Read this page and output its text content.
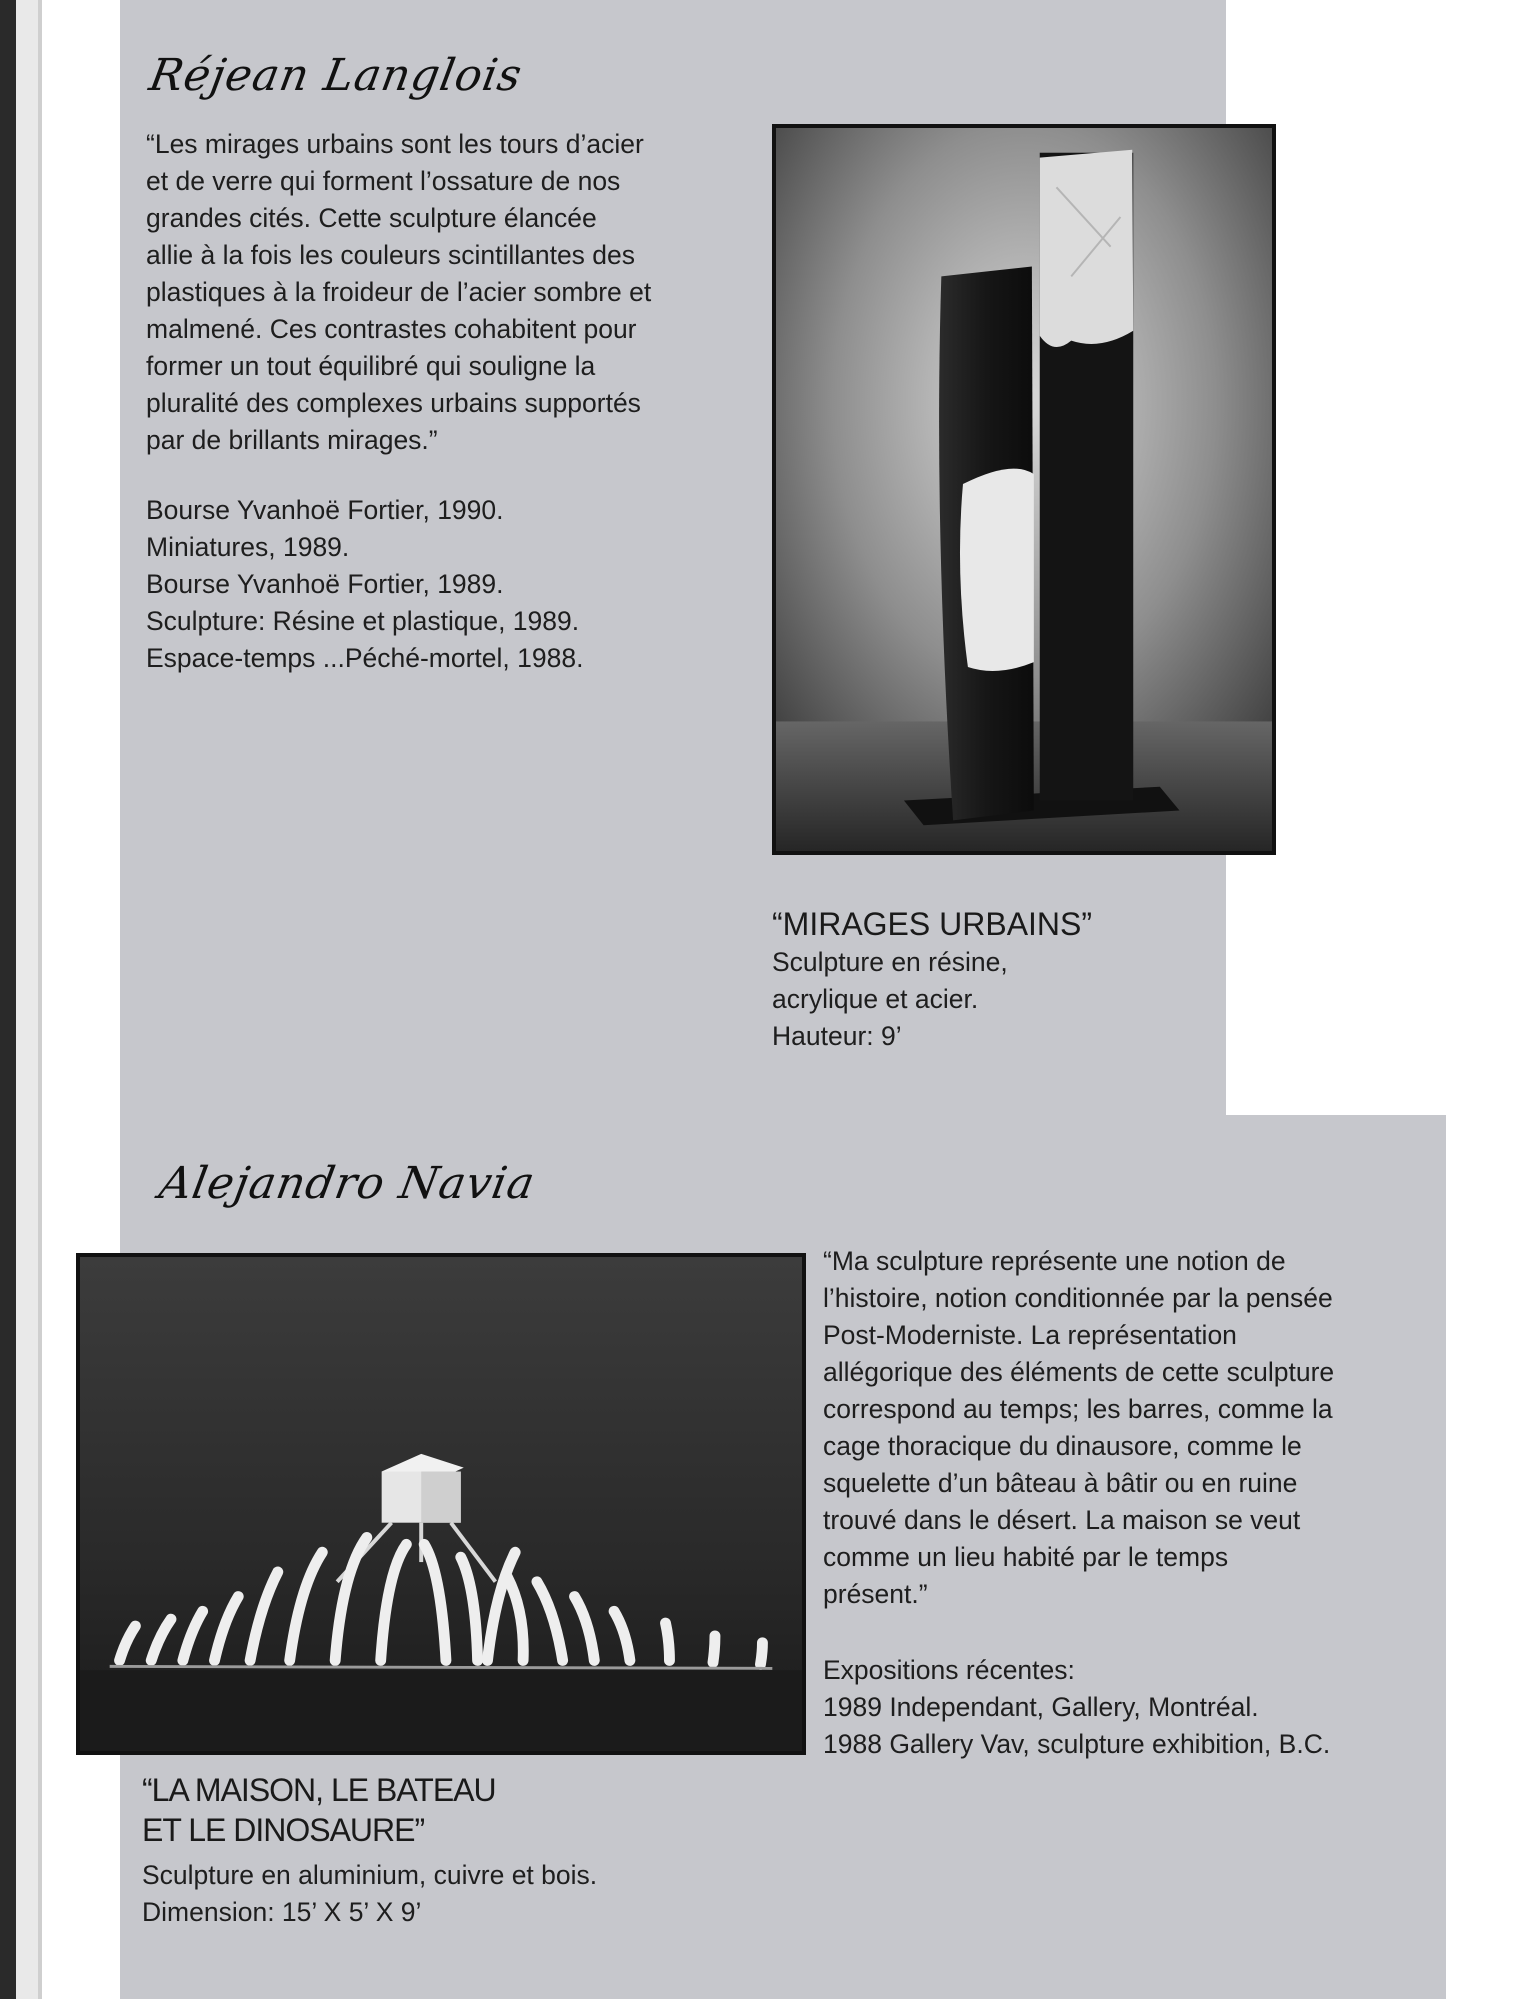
Réjean Langlois
“Les mirages urbains sont les tours d’acier
et de verre qui forment l’ossature de nos
grandes cités. Cette sculpture élancée
allie à la fois les couleurs scintillantes des
plastiques à la froideur de l’acier sombre et
malmené. Ces contrastes cohabitent pour
former un tout équilibré qui souligne la
pluralité des complexes urbains supportés
par de brillants mirages.”
Bourse Yvanhoë Fortier, 1990.
Miniatures, 1989.
Bourse Yvanhoë Fortier, 1989.
Sculpture: Résine et plastique, 1989.
Espace-temps ...Péché-mortel, 1988.
“MIRAGES URBAINS”
Sculpture en résine,
acrylique et acier.
Hauteur: 9’
Alejandro Navia
“Ma sculpture représente une notion de
l’histoire, notion conditionnée par la pensée
Post-Moderniste. La représentation
allégorique des éléments de cette sculpture
correspond au temps; les barres, comme la
cage thoracique du dinausore, comme le
squelette d’un bâteau à bâtir ou en ruine
trouvé dans le désert. La maison se veut
comme un lieu habité par le temps
présent.”
Expositions récentes:
1989 Independant, Gallery, Montréal.
1988 Gallery Vav, sculpture exhibition, B.C.
“LA MAISON, LE BATEAU
ET LE DINOSAURE”
Sculpture en aluminium, cuivre et bois.
Dimension: 15’ X 5’ X 9’
